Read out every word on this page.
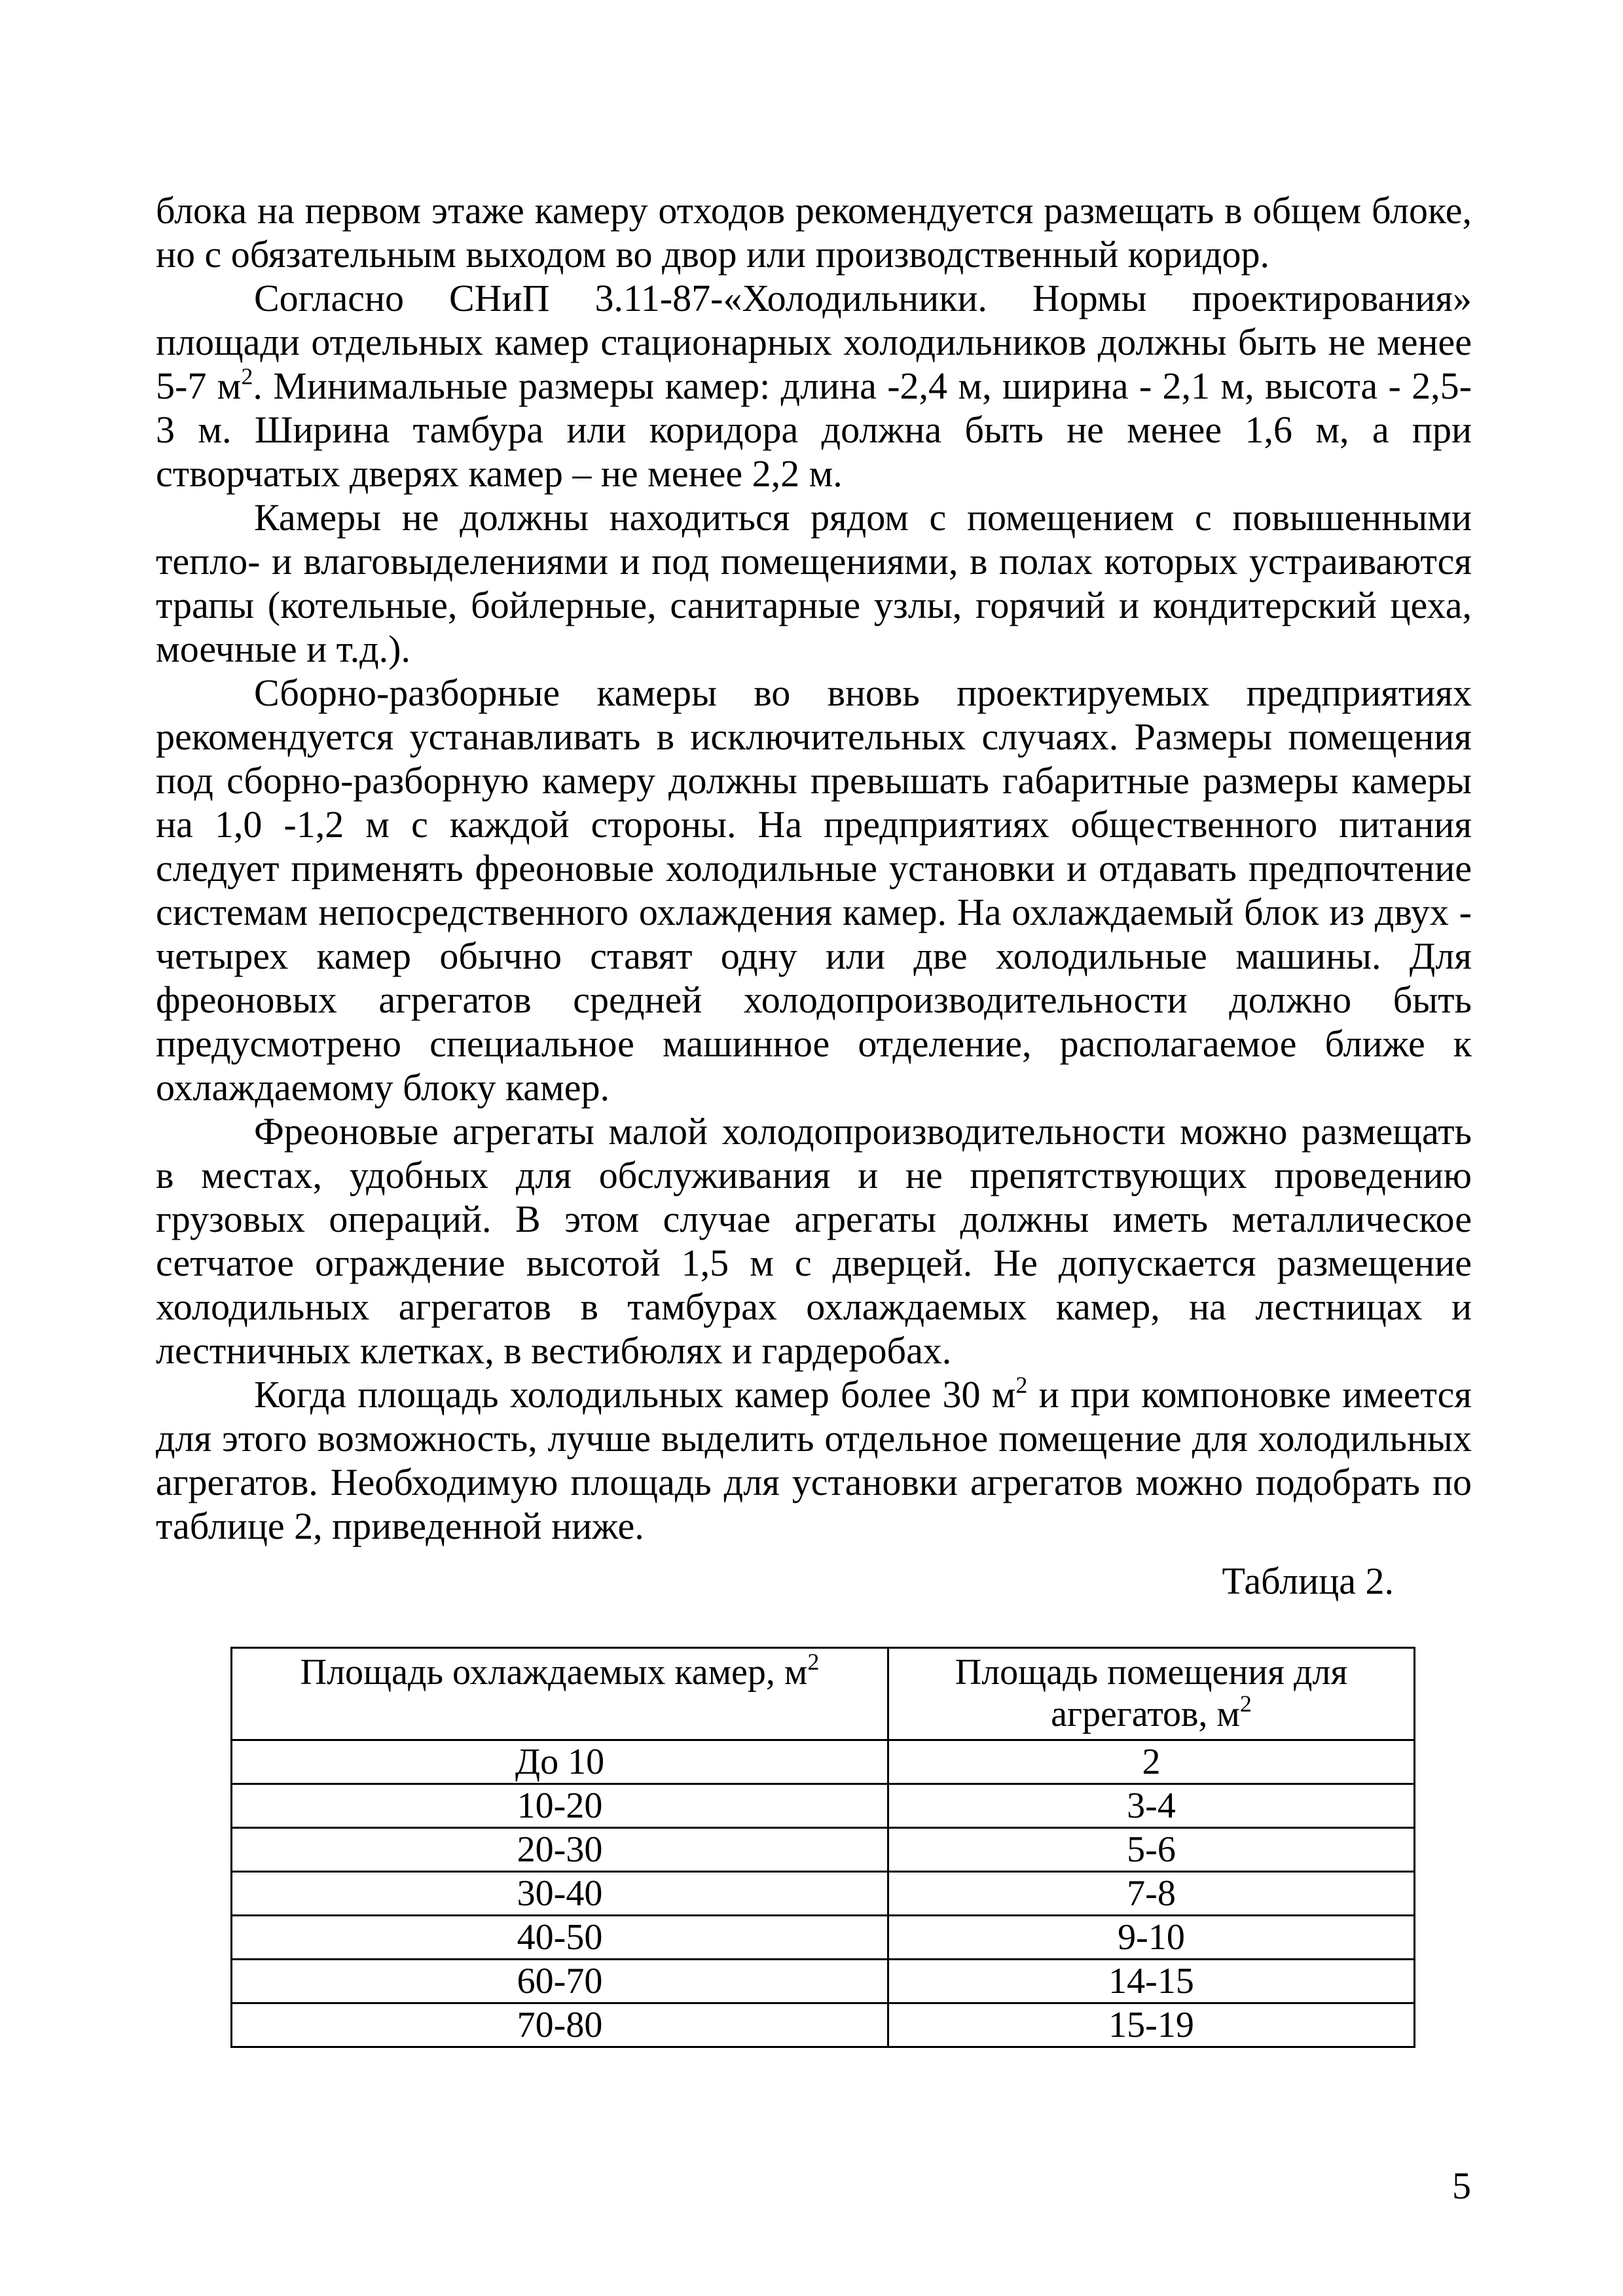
блока на первом этаже камеру отходов рекомендуется размещать в общем блоке, но с обязательным выходом во двор или производственный коридор.

Согласно СНиП 3.11-87-«Холодильники. Нормы проектирования» площади отдельных камер стационарных холодильников должны быть не менее 5-7 $м^2$. Минимальные размеры камер: длина -2,4 м, ширина - 2,1 м, высота - 2,5-3 м. Ширина тамбура или коридора должна быть не менее 1,6 м, а при створчатых дверях камер – не менее 2,2 м.

Камеры не должны находиться рядом с помещением с повышенными тепло- и влаговыделениями и под помещениями, в полах которых устраиваются трапы (котельные, бойлерные, санитарные узлы, горячий и кондитерский цеха, моечные и т.д.).

Сборно-разборные камеры во вновь проектируемых предприятиях рекомендуется устанавливать в исключительных случаях. Размеры помещения под сборно-разборную камеру должны превышать габаритные размеры камеры на 1,0 -1,2 м с каждой стороны. На предприятиях общественного питания следует применять фреоновые холодильные установки и отдавать предпочтение системам непосредственного охлаждения камер. На охлаждаемый блок из двух - четырех камер обычно ставят одну или две холодильные машины. Для фреоновых агрегатов средней холодопроизводительности должно быть предусмотрено специальное машинное отделение, располагаемое ближе к охлаждаемому блоку камер.

Фреоновые агрегаты малой холодопроизводительности можно размещать в местах, удобных для обслуживания и не препятствующих проведению грузовых операций. В этом случае агрегаты должны иметь металлическое сетчатое ограждение высотой 1,5 м с дверцей. Не допускается размещение холодильных агрегатов в тамбурах охлаждаемых камер, на лестницах и лестничных клетках, в вестибюлях и гардеробах.

Когда площадь холодильных камер более 30 $м^2$ и при компоновке имеется для этого возможность, лучше выделить отдельное помещение для холодильных агрегатов. Необходимую площадь для установки агрегатов можно подобрать по таблице 2, приведенной ниже.

Таблица 2.
Площадь охлаждаемых камер, $м^2$	Площадь помещения для агрегатов, $м^2$
До 10	2
10-20	3-4
20-30	5-6
30-40	7-8
40-50	9-10
60-70	14-15
70-80	15-19
5
